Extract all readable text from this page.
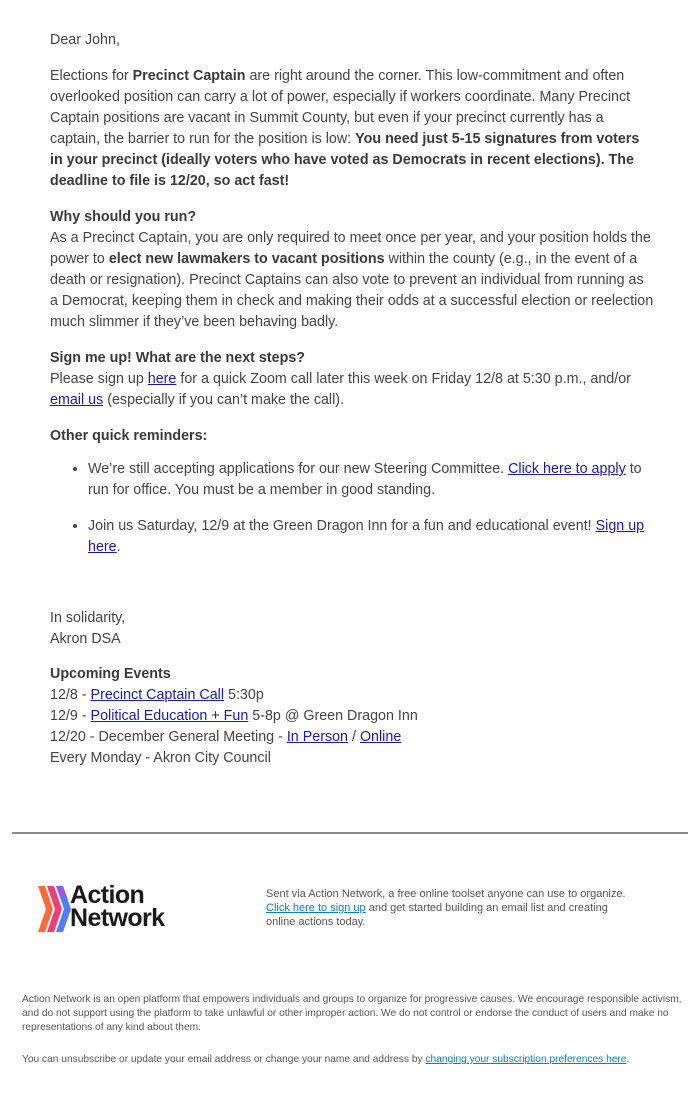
Dear John,

Elections for Precinct Captain are right around the corner. This low-commitment and often overlooked position can carry a lot of power, especially if workers coordinate. Many Precinct Captain positions are vacant in Summit County, but even if your precinct currently has a captain, the barrier to run for the position is low: You need just 5-15 signatures from voters in your precinct (ideally voters who have voted as Democrats in recent elections). The deadline to file is 12/20, so act fast!

Why should you run?

As a Precinct Captain, you are only required to meet once per year, and your position holds the power to elect new lawmakers to vacant positions within the county (e.g., in the event of a death or resignation). Precinct Captains can also vote to prevent an individual from running as a Democrat, keeping them in check and making their odds at a successful election or reelection much slimmer if they’ve been behaving badly.

Sign me up! What are the next steps?

Please sign up here for a quick Zoom call later this week on Friday 12/8 at 5:30 p.m., and/or email us (especially if you can’t make the call).

Other quick reminders:

• We’re still accepting applications for our new Steering Committee. Click here to apply to run for office. You must be a member in good standing.
• Join us Saturday, 12/9 at the Green Dragon Inn for a fun and educational event! Sign up here.

In solidarity,

Akron DSA

Upcoming Events

12/8 - Precinct Captain Call 5:30p

12/9 - Political Education + Fun 5-8p @ Green Dragon Inn

12/20 - December General Meeting - In Person / Online

Every Monday - Akron City Council

Action
Network
Sent via Action Network, a free online toolset anyone can use to organize. Click here to sign up and get started building an email list and creating online actions today.
Action Network is an open platform that empowers individuals and groups to organize for progressive causes. We encourage responsible activism, and do not support using the platform to take unlawful or other improper action. We do not control or endorse the conduct of users and make no representations of any kind about them.
You can unsubscribe or update your email address or change your name and address by changing your subscription preferences here.
